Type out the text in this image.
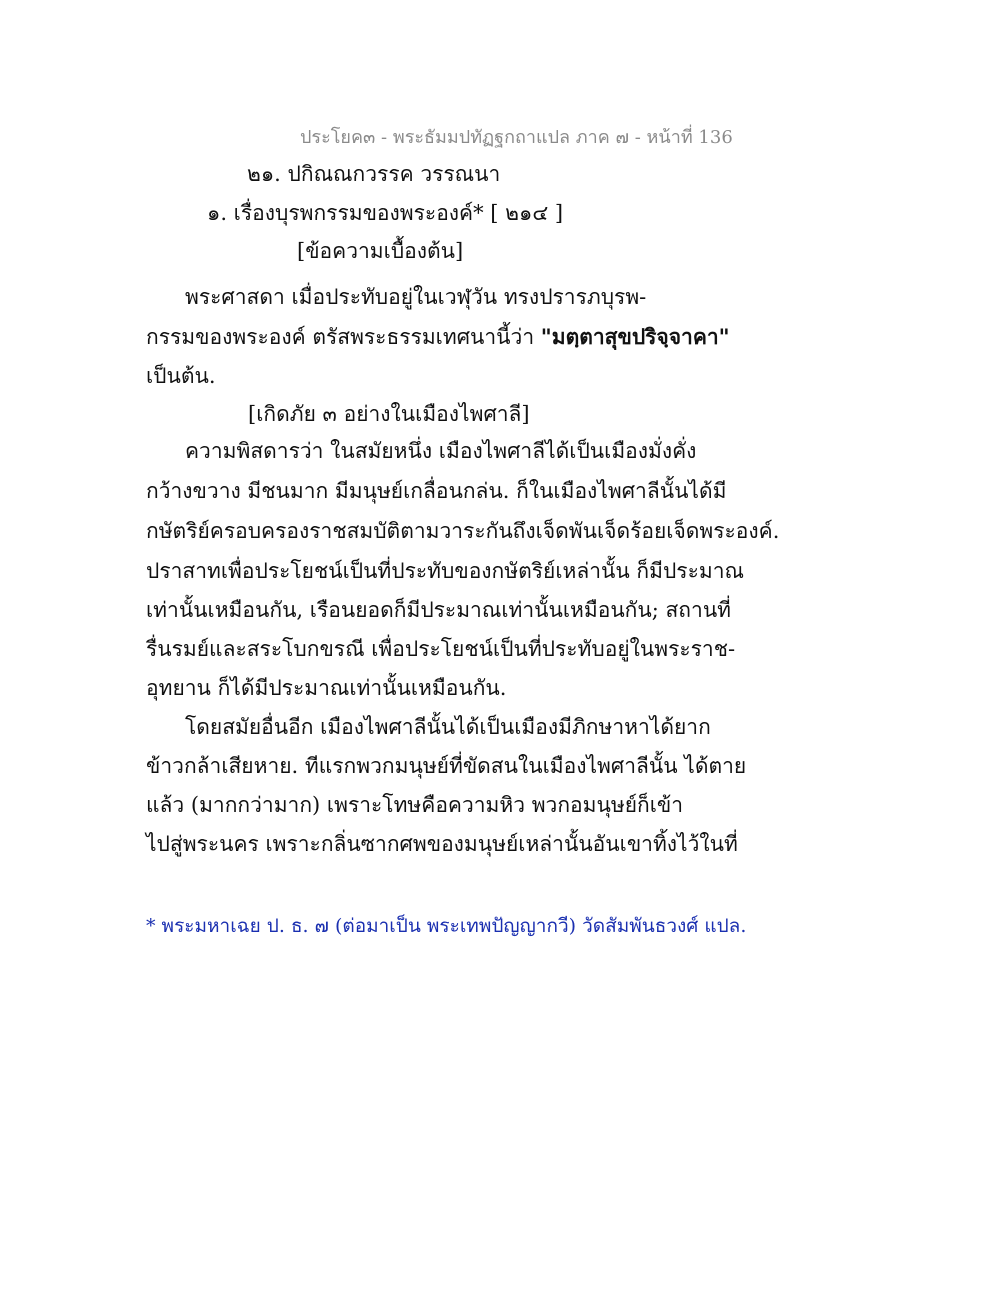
ประโยค๓ - พระธัมมปทัฏฐกถาแปล ภาค ๗ - หน้าที่ 136
๒๑. ปกิณณกวรรค วรรณนา
๑. เรื่องบุรพกรรมของพระองค์* [ ๒๑๔ ]
[ข้อความเบื้องต้น]
พระศาสดา เมื่อประทับอยู่ในเวฬุวัน ทรงปรารภบุรพ-
กรรมของพระองค์ ตรัสพระธรรมเทศนานี้ว่า "มตฺตาสุขปริจฺจาคา"
เป็นต้น.
[เกิดภัย ๓ อย่างในเมืองไพศาลี]
ความพิสดารว่า ในสมัยหนึ่ง เมืองไพศาลีได้เป็นเมืองมั่งคั่ง
กว้างขวาง มีชนมาก มีมนุษย์เกลื่อนกล่น. ก็ในเมืองไพศาลีนั้นได้มี
กษัตริย์ครอบครองราชสมบัติตามวาระกันถึงเจ็ดพันเจ็ดร้อยเจ็ดพระองค์.
ปราสาทเพื่อประโยชน์เป็นที่ประทับของกษัตริย์เหล่านั้น ก็มีประมาณ
เท่านั้นเหมือนกัน, เรือนยอดก็มีประมาณเท่านั้นเหมือนกัน; สถานที่
รื่นรมย์และสระโบกขรณี เพื่อประโยชน์เป็นที่ประทับอยู่ในพระราช-
อุทยาน ก็ได้มีประมาณเท่านั้นเหมือนกัน.
โดยสมัยอื่นอีก เมืองไพศาลีนั้นได้เป็นเมืองมีภิกษาหาได้ยาก
ข้าวกล้าเสียหาย. ทีแรกพวกมนุษย์ที่ขัดสนในเมืองไพศาลีนั้น ได้ตาย
แล้ว (มากกว่ามาก) เพราะโทษคือความหิว พวกอมนุษย์ก็เข้า
ไปสู่พระนคร เพราะกลิ่นซากศพของมนุษย์เหล่านั้นอันเขาทิ้งไว้ในที่
* พระมหาเฉย ป. ธ. ๗ (ต่อมาเป็น พระเทพปัญญากวี) วัดสัมพันธวงศ์ แปล.
